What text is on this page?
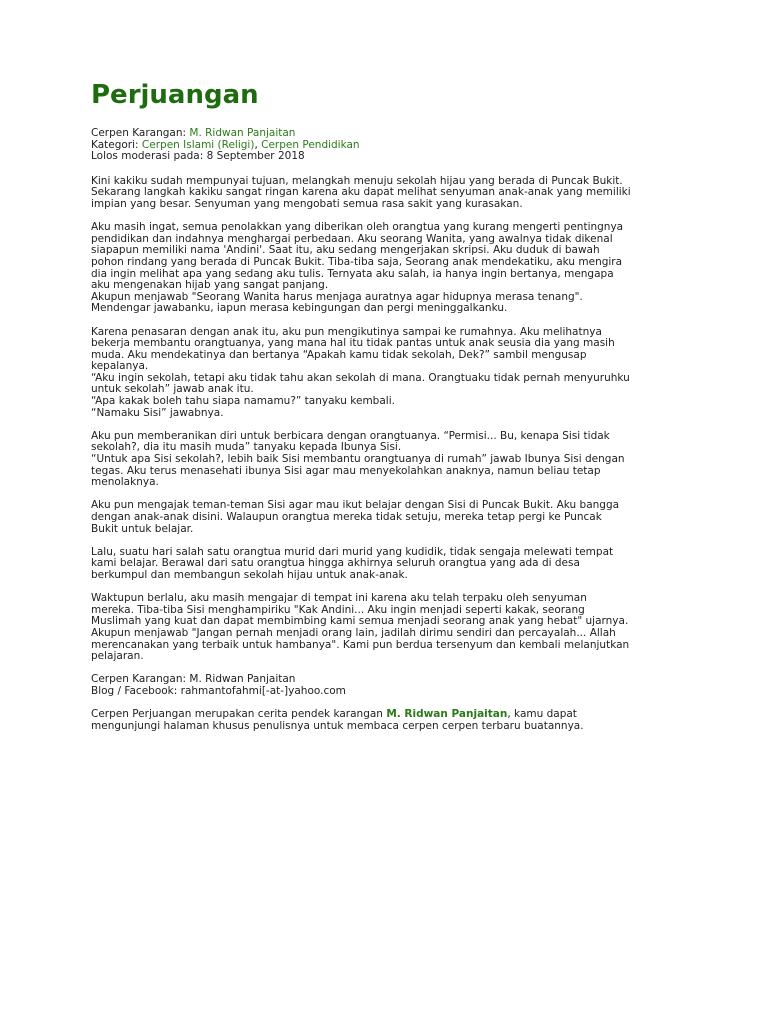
Perjuangan
Cerpen Karangan: M. Ridwan Panjaitan
Kategori: Cerpen Islami (Religi), Cerpen Pendidikan
Lolos moderasi pada: 8 September 2018

Kini kakiku sudah mempunyai tujuan, melangkah menuju sekolah hijau yang berada di Puncak Bukit.
Sekarang langkah kakiku sangat ringan karena aku dapat melihat senyuman anak-anak yang memiliki
impian yang besar. Senyuman yang mengobati semua rasa sakit yang kurasakan.

Aku masih ingat, semua penolakkan yang diberikan oleh orangtua yang kurang mengerti pentingnya
pendidikan dan indahnya menghargai perbedaan. Aku seorang Wanita, yang awalnya tidak dikenal
siapapun memiliki nama 'Andini'. Saat itu, aku sedang mengerjakan skripsi. Aku duduk di bawah
pohon rindang yang berada di Puncak Bukit. Tiba-tiba saja, Seorang anak mendekatiku, aku mengira
dia ingin melihat apa yang sedang aku tulis. Ternyata aku salah, ia hanya ingin bertanya, mengapa
aku mengenakan hijab yang sangat panjang.
Akupun menjawab "Seorang Wanita harus menjaga auratnya agar hidupnya merasa tenang".
Mendengar jawabanku, iapun merasa kebingungan dan pergi meninggalkanku.

Karena penasaran dengan anak itu, aku pun mengikutinya sampai ke rumahnya. Aku melihatnya
bekerja membantu orangtuanya, yang mana hal itu tidak pantas untuk anak seusia dia yang masih
muda. Aku mendekatinya dan bertanya “Apakah kamu tidak sekolah, Dek?” sambil mengusap
kepalanya.
“Aku ingin sekolah, tetapi aku tidak tahu akan sekolah di mana. Orangtuaku tidak pernah menyuruhku
untuk sekolah” jawab anak itu.
“Apa kakak boleh tahu siapa namamu?” tanyaku kembali.
“Namaku Sisi” jawabnya.

Aku pun memberanikan diri untuk berbicara dengan orangtuanya. “Permisi... Bu, kenapa Sisi tidak
sekolah?, dia itu masih muda” tanyaku kepada Ibunya Sisi.
“Untuk apa Sisi sekolah?, lebih baik Sisi membantu orangtuanya di rumah” jawab Ibunya Sisi dengan
tegas. Aku terus menasehati ibunya Sisi agar mau menyekolahkan anaknya, namun beliau tetap
menolaknya.

Aku pun mengajak teman-teman Sisi agar mau ikut belajar dengan Sisi di Puncak Bukit. Aku bangga
dengan anak-anak disini. Walaupun orangtua mereka tidak setuju, mereka tetap pergi ke Puncak
Bukit untuk belajar.

Lalu, suatu hari salah satu orangtua murid dari murid yang kudidik, tidak sengaja melewati tempat
kami belajar. Berawal dari satu orangtua hingga akhirnya seluruh orangtua yang ada di desa
berkumpul dan membangun sekolah hijau untuk anak-anak.

Waktupun berlalu, aku masih mengajar di tempat ini karena aku telah terpaku oleh senyuman
mereka. Tiba-tiba Sisi menghampiriku "Kak Andini... Aku ingin menjadi seperti kakak, seorang
Muslimah yang kuat dan dapat membimbing kami semua menjadi seorang anak yang hebat" ujarnya.
Akupun menjawab "Jangan pernah menjadi orang lain, jadilah dirimu sendiri dan percayalah... Allah
merencanakan yang terbaik untuk hambanya". Kami pun berdua tersenyum dan kembali melanjutkan
pelajaran.

Cerpen Karangan: M. Ridwan Panjaitan
Blog / Facebook: rahmantofahmi[-at-]yahoo.com

Cerpen Perjuangan merupakan cerita pendek karangan M. Ridwan Panjaitan, kamu dapat
mengunjungi halaman khusus penulisnya untuk membaca cerpen cerpen terbaru buatannya.
